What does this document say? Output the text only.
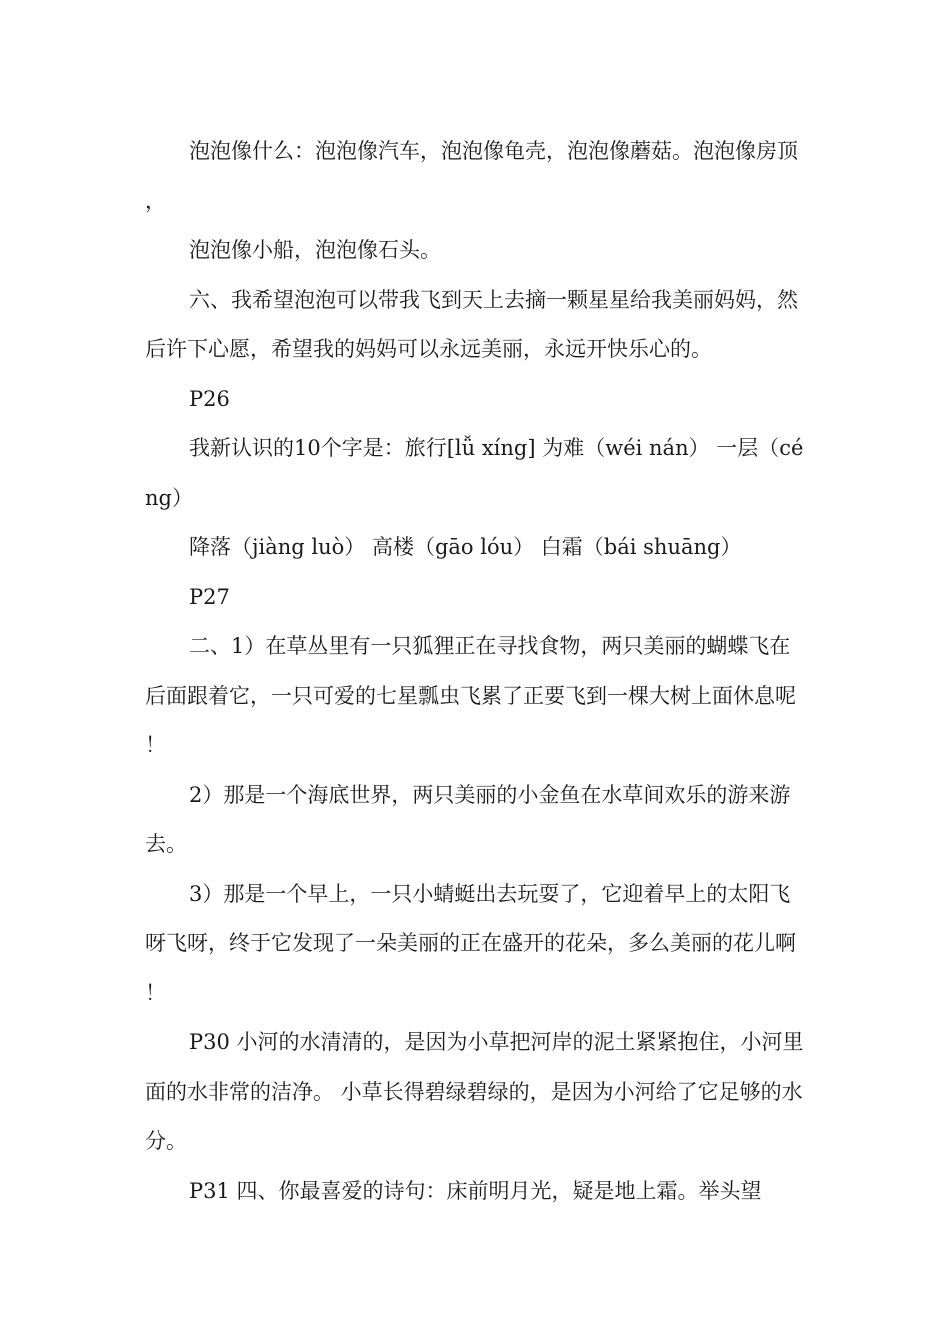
泡泡像什么：泡泡像汽车，泡泡像龟壳，泡泡像蘑菇。泡泡像房顶，

泡泡像小船，泡泡像石头。

六、我希望泡泡可以带我飞到天上去摘一颗星星给我美丽妈妈，然后许下心愿，希望我的妈妈可以永远美丽，永远开快乐心的。

P26

我新认识的10个字是：旅行[lǚ xíng] 为难（wéi nán） 一层（céng）

降落（jiàng luò） 高楼（gāo lóu） 白霜（bái shuāng）

P27

二、1）在草丛里有一只狐狸正在寻找食物，两只美丽的蝴蝶飞在后面跟着它，一只可爱的七星瓢虫飞累了正要飞到一棵大树上面休息呢！

2）那是一个海底世界，两只美丽的小金鱼在水草间欢乐的游来游去。

3）那是一个早上，一只小蜻蜓出去玩耍了，它迎着早上的太阳飞呀飞呀，终于它发现了一朵美丽的正在盛开的花朵，多么美丽的花儿啊！

P30 小河的水清清的，是因为小草把河岸的泥土紧紧抱住，小河里面的水非常的洁净。 小草长得碧绿碧绿的，是因为小河给了它足够的水分。

P31 四、你最喜爱的诗句：床前明月光，疑是地上霜。举头望
